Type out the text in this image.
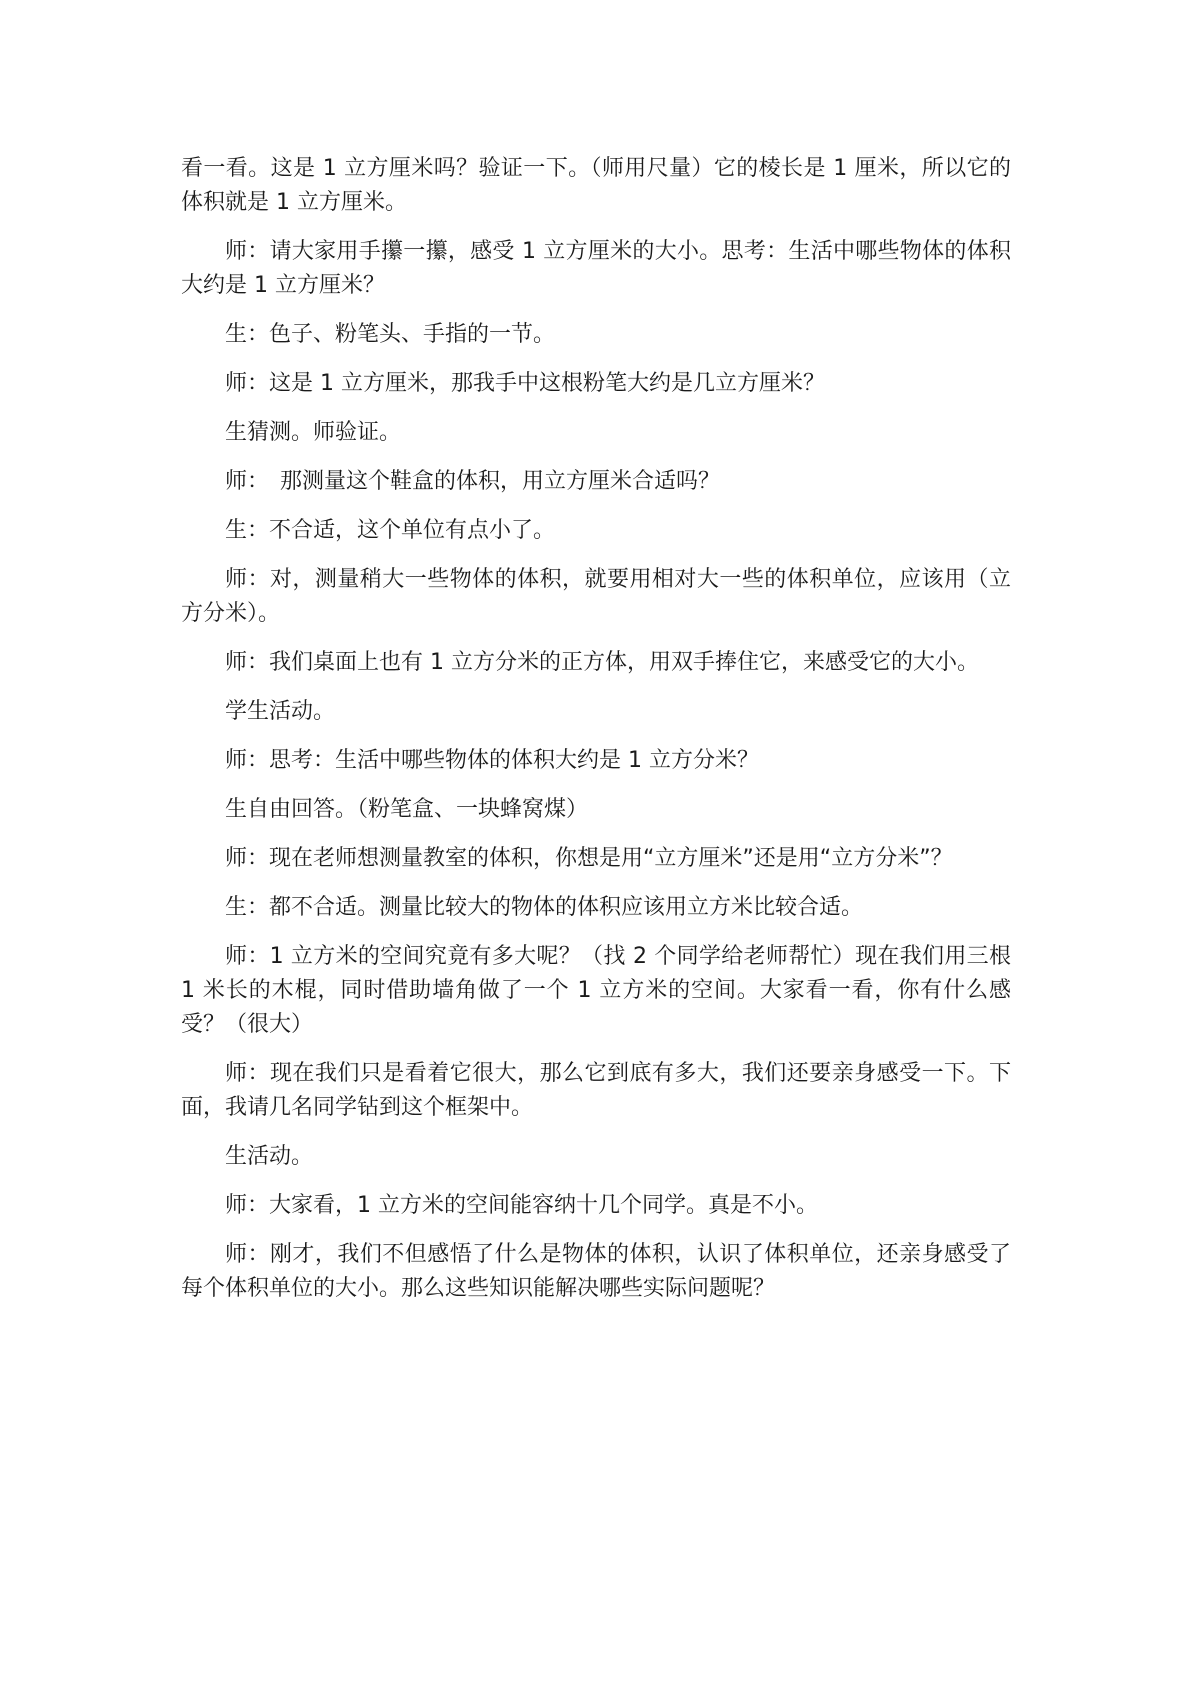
看一看。这是 1 立方厘米吗？验证一下。（师用尺量）它的棱长是 1 厘米，所以它的体积就是 1 立方厘米。

师：请大家用手攥一攥，感受 1 立方厘米的大小。思考：生活中哪些物体的体积大约是 1 立方厘米？

生：色子、粉笔头、手指的一节。

师：这是 1 立方厘米，那我手中这根粉笔大约是几立方厘米？

生猜测。师验证。

师：　那测量这个鞋盒的体积，用立方厘米合适吗？

生：不合适，这个单位有点小了。

师：对，测量稍大一些物体的体积，就要用相对大一些的体积单位，应该用（立方分米）。

师：我们桌面上也有 1 立方分米的正方体，用双手捧住它，来感受它的大小。

学生活动。

师：思考：生活中哪些物体的体积大约是 1 立方分米？

生自由回答。（粉笔盒、一块蜂窝煤）

师：现在老师想测量教室的体积，你想是用“立方厘米”还是用“立方分米”？

生：都不合适。测量比较大的物体的体积应该用立方米比较合适。

师：1 立方米的空间究竟有多大呢？（找 2 个同学给老师帮忙）现在我们用三根 1 米长的木棍，同时借助墙角做了一个 1 立方米的空间。大家看一看，你有什么感受？（很大）

师：现在我们只是看着它很大，那么它到底有多大，我们还要亲身感受一下。下面，我请几名同学钻到这个框架中。

生活动。

师：大家看，1 立方米的空间能容纳十几个同学。真是不小。

师：刚才，我们不但感悟了什么是物体的体积，认识了体积单位，还亲身感受了每个体积单位的大小。那么这些知识能解决哪些实际问题呢？
